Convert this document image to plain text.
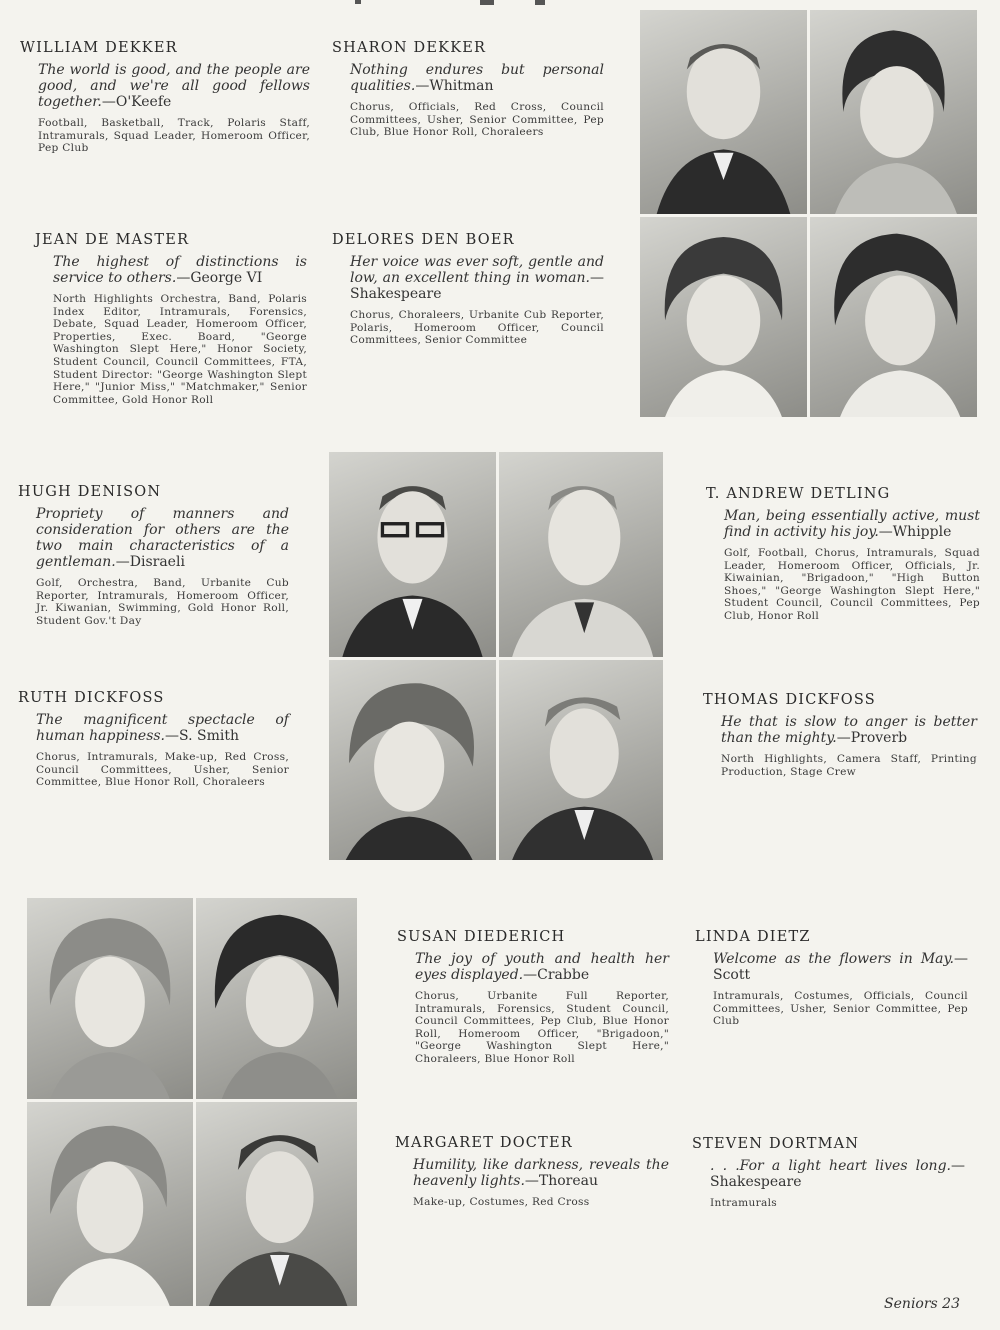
WILLIAM DEKKER

The world is good, and the people are good, and we're all good fellows together.—O'Keefe

Football, Basketball, Track, Polaris Staff, Intramurals, Squad Leader, Homeroom Officer, Pep Club

SHARON DEKKER

Nothing endures but personal qualities.—Whitman

Chorus, Officials, Red Cross, Council Committees, Usher, Senior Committee, Pep Club, Blue Honor Roll, Choraleers

JEAN DE MASTER

The highest of distinctions is service to others.—George VI

North Highlights Orchestra, Band, Polaris Index Editor, Intramurals, Forensics, Debate, Squad Leader, Homeroom Officer, Properties, Exec. Board, "George Washington Slept Here," Honor Society, Student Council, Council Committees, FTA, Student Director: "George Washington Slept Here," "Junior Miss," "Matchmaker," Senior Committee, Gold Honor Roll

DELORES DEN BOER

Her voice was ever soft, gentle and low, an excellent thing in woman.—Shakespeare

Chorus, Choraleers, Urbanite Cub Reporter, Polaris, Homeroom Officer, Council Committees, Senior Committee

HUGH DENISON

Propriety of manners and consideration for others are the two main characteristics of a gentleman.—Disraeli

Golf, Orchestra, Band, Urbanite Cub Reporter, Intramurals, Homeroom Officer, Jr. Kiwanian, Swimming, Gold Honor Roll, Student Gov.'t Day

T. ANDREW DETLING

Man, being essentially active, must find in activity his joy.—Whipple

Golf, Football, Chorus, Intramurals, Squad Leader, Homeroom Officer, Officials, Jr. Kiwainian, "Brigadoon," "High Button Shoes," "George Washington Slept Here," Student Council, Council Committees, Pep Club, Honor Roll

RUTH DICKFOSS

The magnificent spectacle of human happiness.—S. Smith

Chorus, Intramurals, Make-up, Red Cross, Council Committees, Usher, Senior Committee, Blue Honor Roll, Choraleers

THOMAS DICKFOSS

He that is slow to anger is better than the mighty.—Proverb

North Highlights, Camera Staff, Printing Production, Stage Crew

SUSAN DIEDERICH

The joy of youth and health her eyes displayed.—Crabbe

Chorus, Urbanite Full Reporter, Intramurals, Forensics, Student Council, Council Committees, Pep Club, Blue Honor Roll, Homeroom Officer, "Brigadoon," "George Washington Slept Here," Choraleers, Blue Honor Roll

LINDA DIETZ

Welcome as the flowers in May.—Scott

Intramurals, Costumes, Officials, Council Committees, Usher, Senior Committee, Pep Club

MARGARET DOCTER

Humility, like darkness, reveals the heavenly lights.—Thoreau

Make-up, Costumes, Red Cross

STEVEN DORTMAN

. . .For a light heart lives long.—Shakespeare

Intramurals

Seniors 23
